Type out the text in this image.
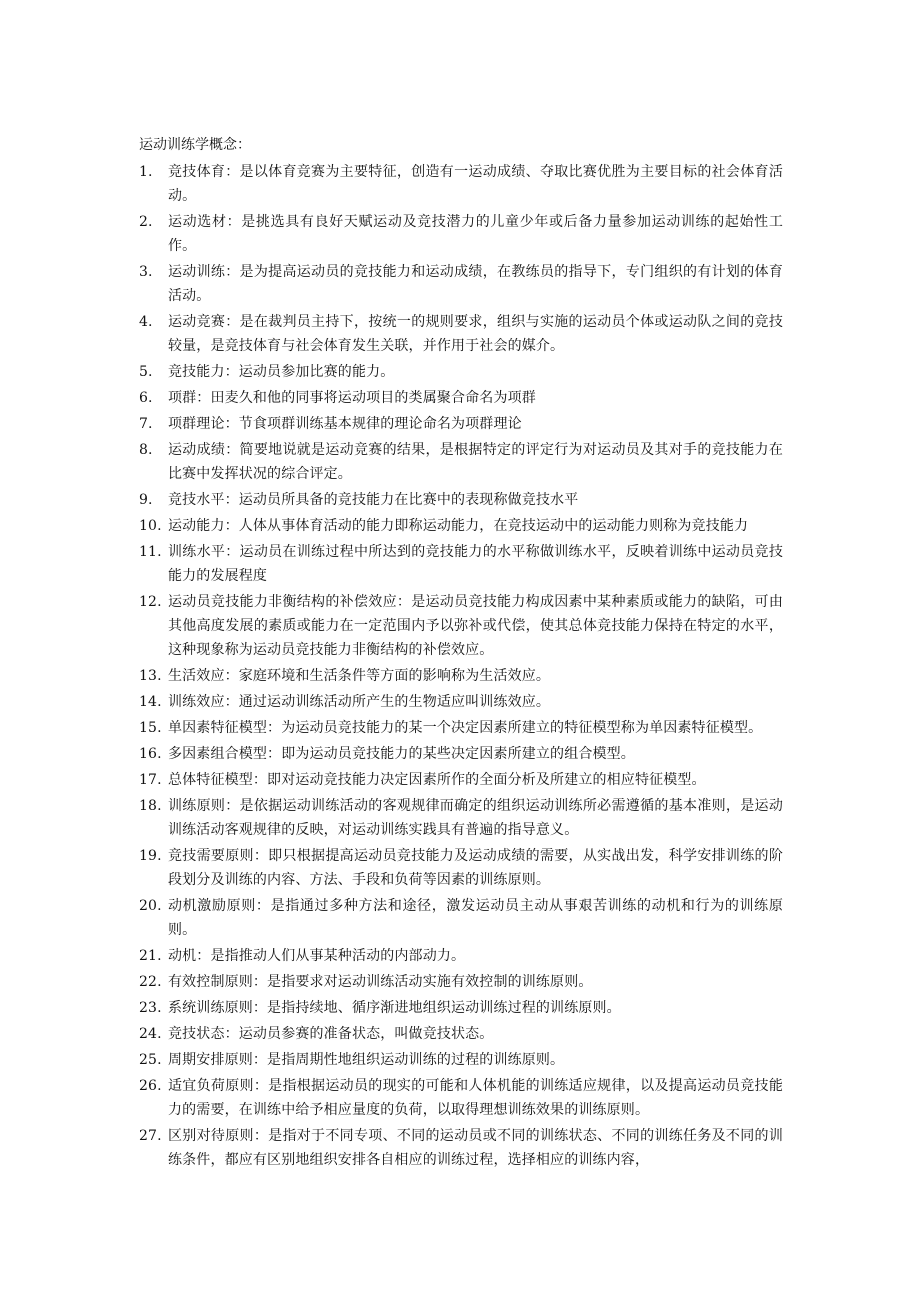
运动训练学概念：
1.	竞技体育：是以体育竞赛为主要特征，创造有一运动成绩、夺取比赛优胜为主要目标的社会体育活动。
2.	运动选材：是挑选具有良好天赋运动及竞技潜力的儿童少年或后备力量参加运动训练的起始性工作。
3.	运动训练：是为提高运动员的竞技能力和运动成绩，在教练员的指导下，专门组织的有计划的体育活动。
4.	运动竞赛：是在裁判员主持下，按统一的规则要求，组织与实施的运动员个体或运动队之间的竞技较量，是竞技体育与社会体育发生关联，并作用于社会的媒介。
5.	竞技能力：运动员参加比赛的能力。
6.	项群：田麦久和他的同事将运动项目的类属聚合命名为项群
7.	项群理论：节食项群训练基本规律的理论命名为项群理论
8.	运动成绩：简要地说就是运动竞赛的结果，是根据特定的评定行为对运动员及其对手的竞技能力在比赛中发挥状况的综合评定。
9.	竞技水平：运动员所具备的竞技能力在比赛中的表现称做竞技水平
10. 运动能力：人体从事体育活动的能力即称运动能力，在竞技运动中的运动能力则称为竞技能力
11. 训练水平：运动员在训练过程中所达到的竞技能力的水平称做训练水平，反映着训练中运动员竞技能力的发展程度
12. 运动员竞技能力非衡结构的补偿效应：是运动员竞技能力构成因素中某种素质或能力的缺陷，可由其他高度发展的素质或能力在一定范围内予以弥补或代偿，使其总体竞技能力保持在特定的水平，这种现象称为运动员竞技能力非衡结构的补偿效应。
13. 生活效应：家庭环境和生活条件等方面的影响称为生活效应。
14. 训练效应：通过运动训练活动所产生的生物适应叫训练效应。
15. 单因素特征模型：为运动员竞技能力的某一个决定因素所建立的特征模型称为单因素特征模型。
16. 多因素组合模型：即为运动员竞技能力的某些决定因素所建立的组合模型。
17. 总体特征模型：即对运动竞技能力决定因素所作的全面分析及所建立的相应特征模型。
18. 训练原则：是依据运动训练活动的客观规律而确定的组织运动训练所必需遵循的基本准则，是运动训练活动客观规律的反映，对运动训练实践具有普遍的指导意义。
19. 竞技需要原则：即只根据提高运动员竞技能力及运动成绩的需要，从实战出发，科学安排训练的阶段划分及训练的内容、方法、手段和负荷等因素的训练原则。
20. 动机激励原则：是指通过多种方法和途径，激发运动员主动从事艰苦训练的动机和行为的训练原则。
21. 动机：是指推动人们从事某种活动的内部动力。
22. 有效控制原则：是指要求对运动训练活动实施有效控制的训练原则。
23. 系统训练原则：是指持续地、循序渐进地组织运动训练过程的训练原则。
24. 竞技状态：运动员参赛的准备状态，叫做竞技状态。
25. 周期安排原则：是指周期性地组织运动训练的过程的训练原则。
26. 适宜负荷原则：是指根据运动员的现实的可能和人体机能的训练适应规律，以及提高运动员竞技能力的需要，在训练中给予相应量度的负荷，以取得理想训练效果的训练原则。
27. 区别对待原则：是指对于不同专项、不同的运动员或不同的训练状态、不同的训练任务及不同的训练条件，都应有区别地组织安排各自相应的训练过程，选择相应的训练内容，
